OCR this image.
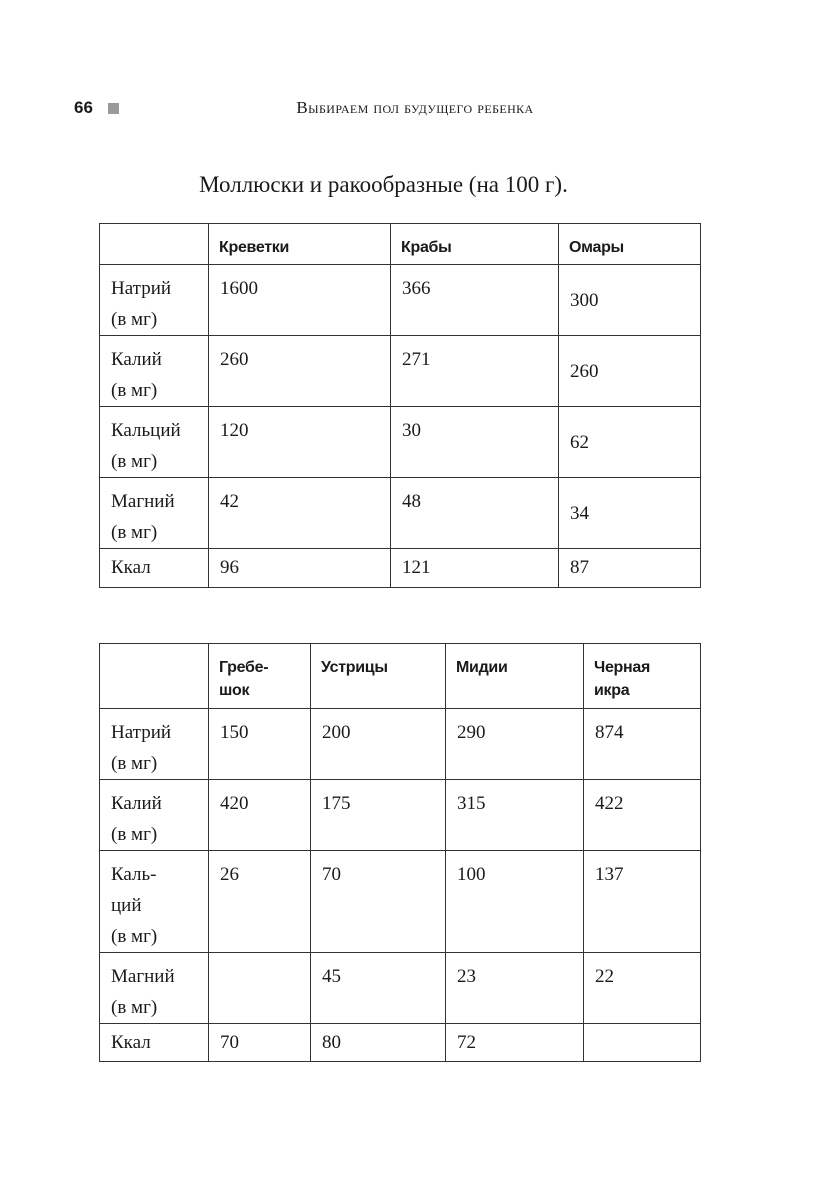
66	Выбираем пол будущего ребенка
Моллюски и ракообразные (на 100 г).
	Креветки	Крабы	Омары
Натрий
(в мг)	1600	366	300
Калий
(в мг)	260	271	260
Кальций
(в мг)	120	30	62
Магний
(в мг)	42	48	34
Ккал	96	121	87
	Гребе-
шок	Устрицы	Мидии	Черная
икра
Натрий
(в мг)	150	200	290	874
Калий
(в мг)	420	175	315	422
Каль-
ций
(в мг)	26	70	100	137
Магний
(в мг)		45	23	22
Ккал	70	80	72	
